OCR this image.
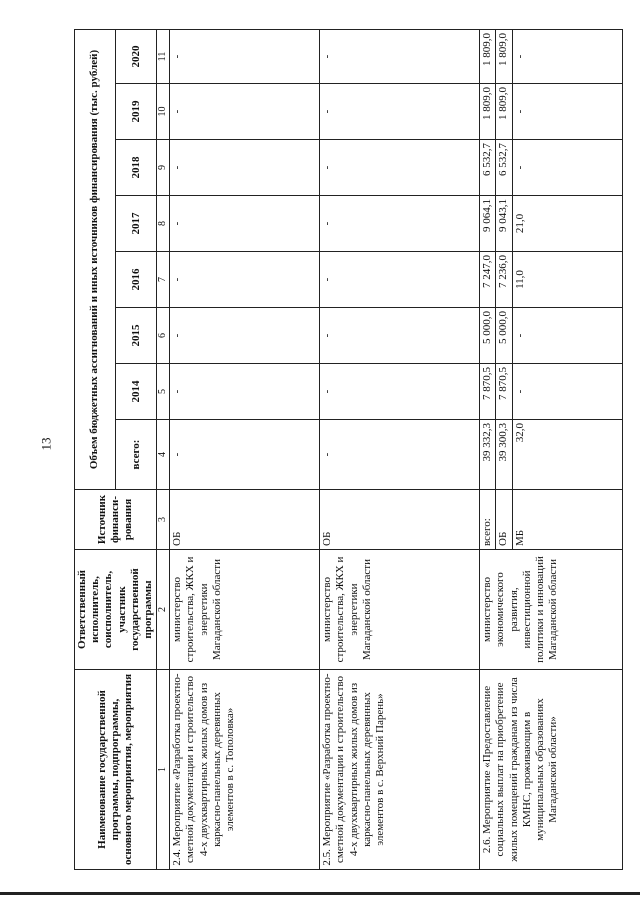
13
Наименование государственной программы, подпрограммы, основного мероприятия, мероприятия	Ответственный исполнитель, соисполнитель, участник государственной программы	Источник финанси-рования	Объем бюджетных ассигнований и иных источников финансирования (тыс. рублей)							
			всего:	2014	2015	2016	2017	2018	2019	2020
1	2	3	4	5	6	7	8	9	10	11
2.4. Мероприятие «Разработка проектно-сметной документации и строительство 4-х двухквартирных жилых домов из каркасно-панельных деревянных элементов в с. Тополовка»	министерство строительства, ЖКХ и энергетики Магаданской области	ОБ	-	-	-	-	-	-	-	-
2.5. Мероприятие «Разработка проектно-сметной документации и строительство 4-х двухквартирных жилых домов из каркасно-панельных деревянных элементов в с. Верхний Парень»	министерство строительства, ЖКХ и энергетики Магаданской области	ОБ	-	-	-	-	-	-	-	-
2.6. Мероприятие «Предоставление социальных выплат на приобретение жилых помещений гражданам из числа КМНС, проживающим в муниципальных образованиях Магаданской области»	министерство экономического развития, инвестиционной политики и инноваций Магаданской области	всего:	39 332,3	7 870,5	5 000,0	7 247,0	9 064,1	6 532,7	1 809,0	1 809,0
		ОБ	39 300,3	7 870,5	5 000,0	7 236,0	9 043,1	6 532,7	1 809,0	1 809,0
		МБ	32,0	-	-	11,0	21,0	-	-	-
